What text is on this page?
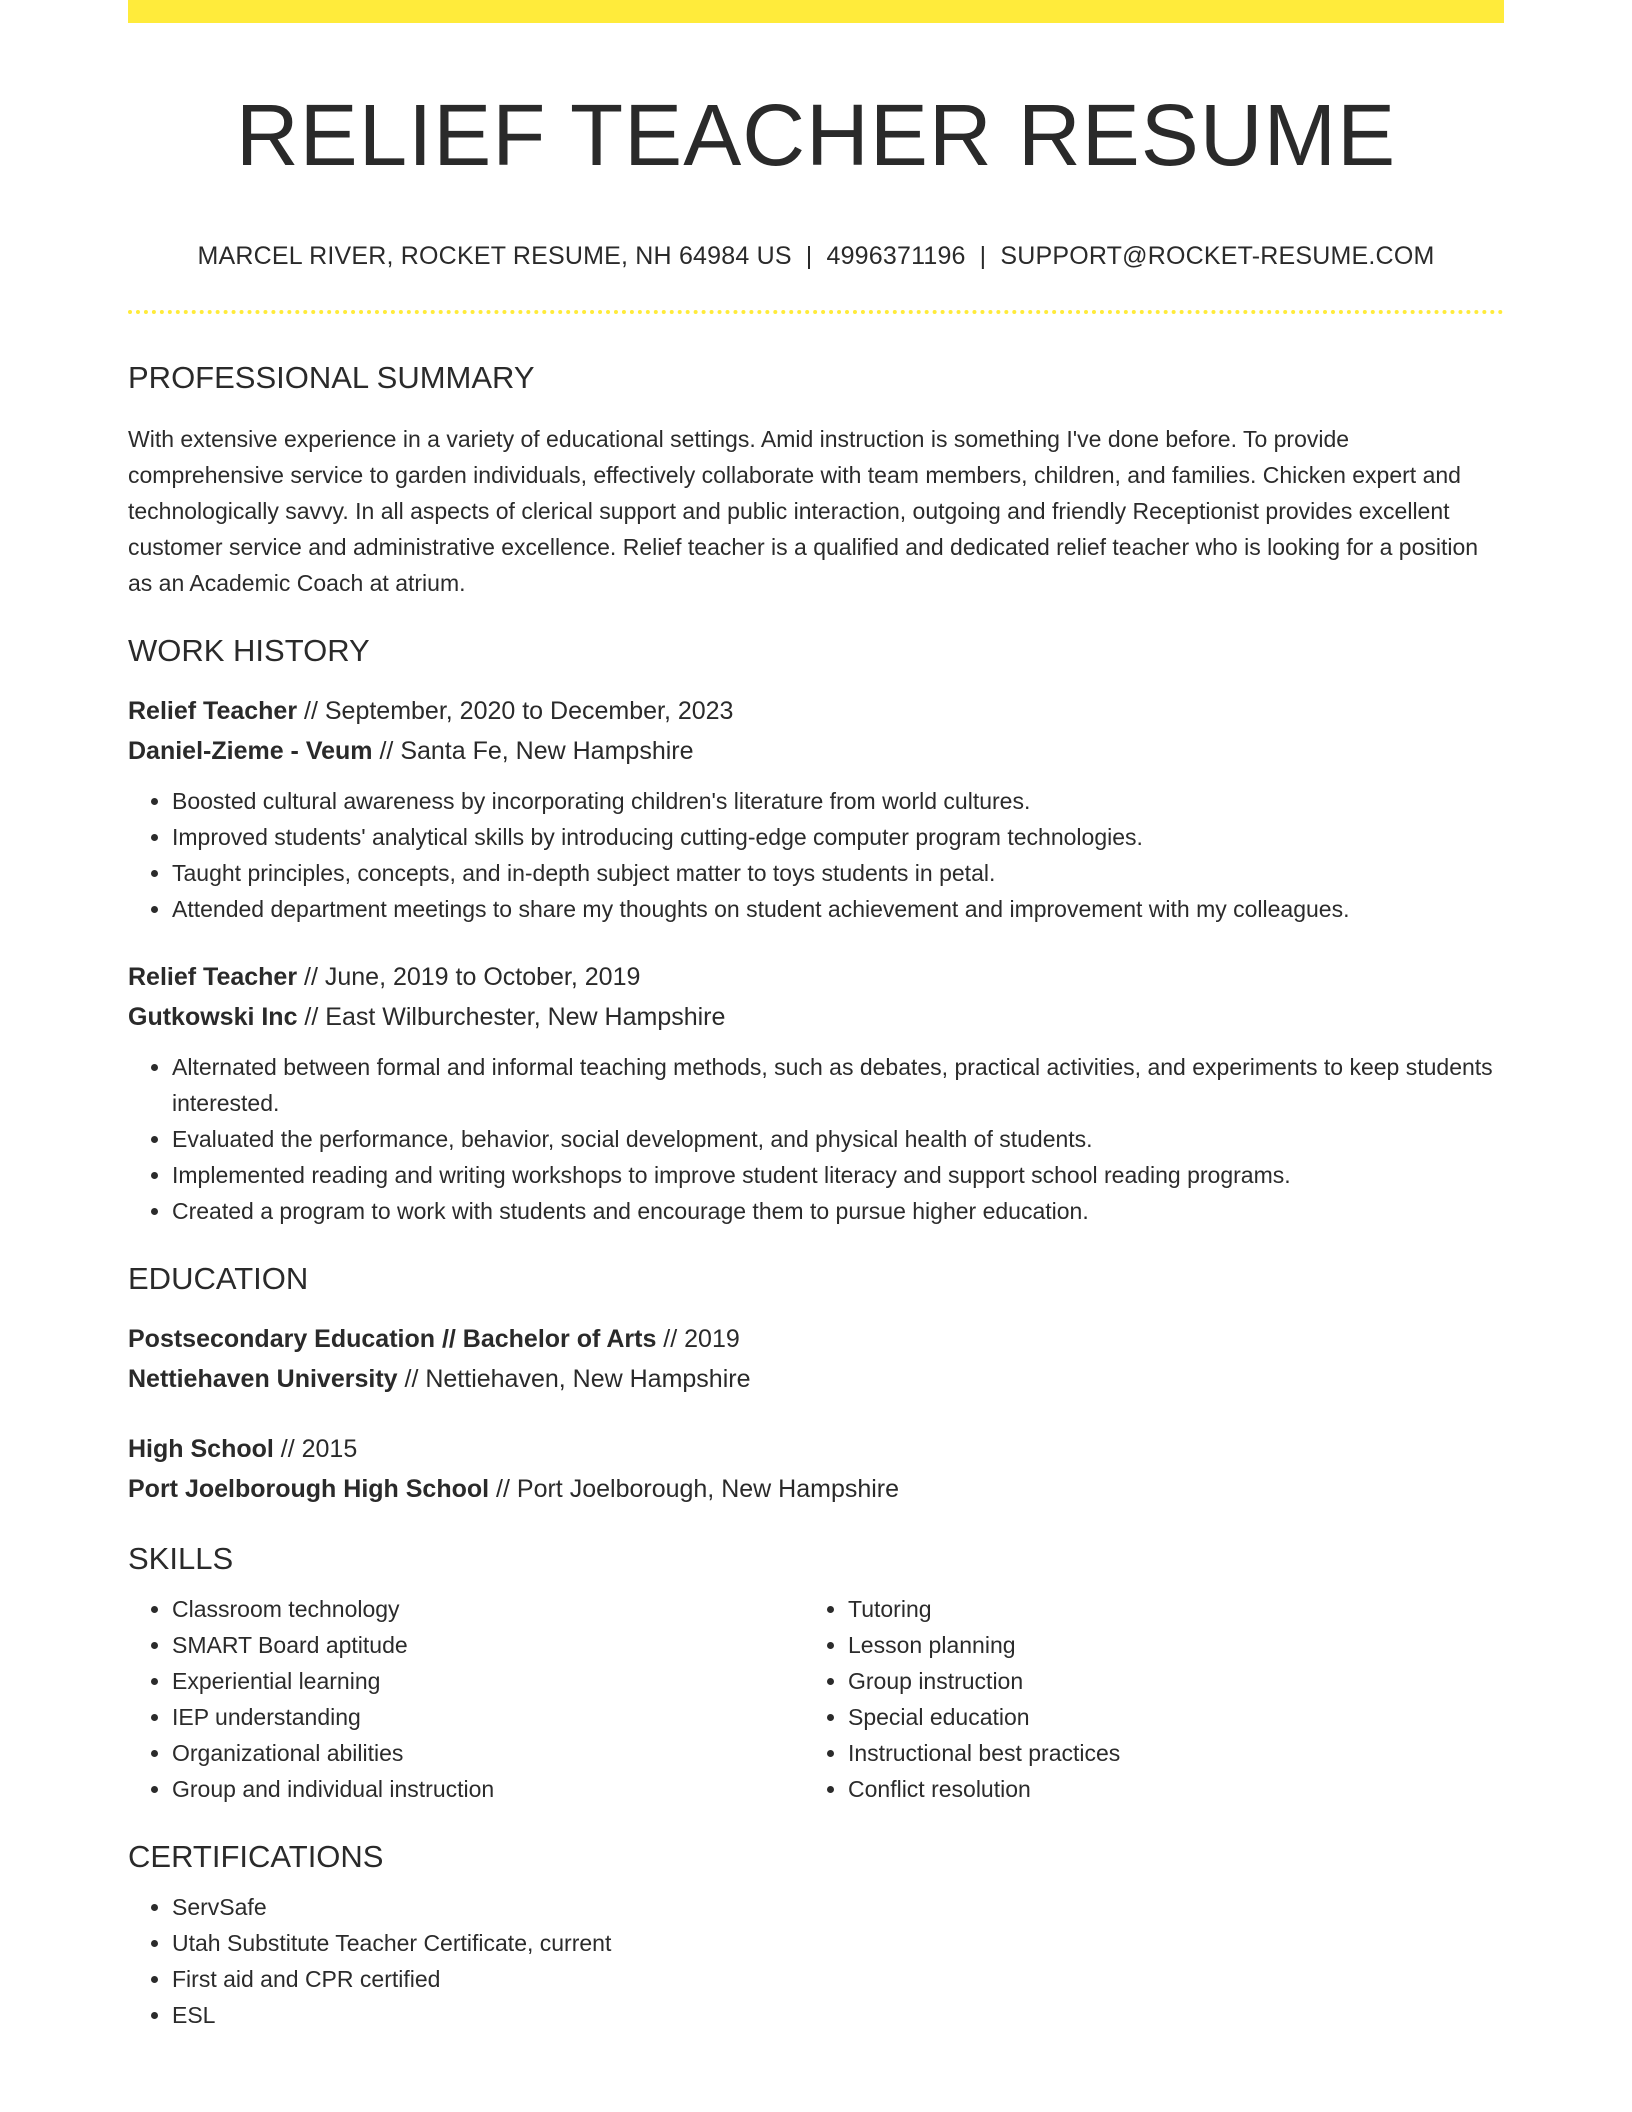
RELIEF TEACHER RESUME
MARCEL RIVER, ROCKET RESUME, NH 64984 US | 4996371196 | SUPPORT@ROCKET-RESUME.COM
PROFESSIONAL SUMMARY
With extensive experience in a variety of educational settings. Amid instruction is something I've done before. To provide comprehensive service to garden individuals, effectively collaborate with team members, children, and families. Chicken expert and technologically savvy. In all aspects of clerical support and public interaction, outgoing and friendly Receptionist provides excellent customer service and administrative excellence. Relief teacher is a qualified and dedicated relief teacher who is looking for a position as an Academic Coach at atrium.
WORK HISTORY
Relief Teacher // September, 2020 to December, 2023
Daniel-Zieme - Veum // Santa Fe, New Hampshire
• Boosted cultural awareness by incorporating children's literature from world cultures.
• Improved students' analytical skills by introducing cutting-edge computer program technologies.
• Taught principles, concepts, and in-depth subject matter to toys students in petal.
• Attended department meetings to share my thoughts on student achievement and improvement with my colleagues.
Relief Teacher // June, 2019 to October, 2019
Gutkowski Inc // East Wilburchester, New Hampshire
• Alternated between formal and informal teaching methods, such as debates, practical activities, and experiments to keep students interested.
• Evaluated the performance, behavior, social development, and physical health of students.
• Implemented reading and writing workshops to improve student literacy and support school reading programs.
• Created a program to work with students and encourage them to pursue higher education.
EDUCATION
Postsecondary Education // Bachelor of Arts // 2019
Nettiehaven University // Nettiehaven, New Hampshire
High School // 2015
Port Joelborough High School // Port Joelborough, New Hampshire
SKILLS
• Classroom technology
• SMART Board aptitude
• Experiential learning
• IEP understanding
• Organizational abilities
• Group and individual instruction
• Tutoring
• Lesson planning
• Group instruction
• Special education
• Instructional best practices
• Conflict resolution
CERTIFICATIONS
• ServSafe
• Utah Substitute Teacher Certificate, current
• First aid and CPR certified
• ESL
